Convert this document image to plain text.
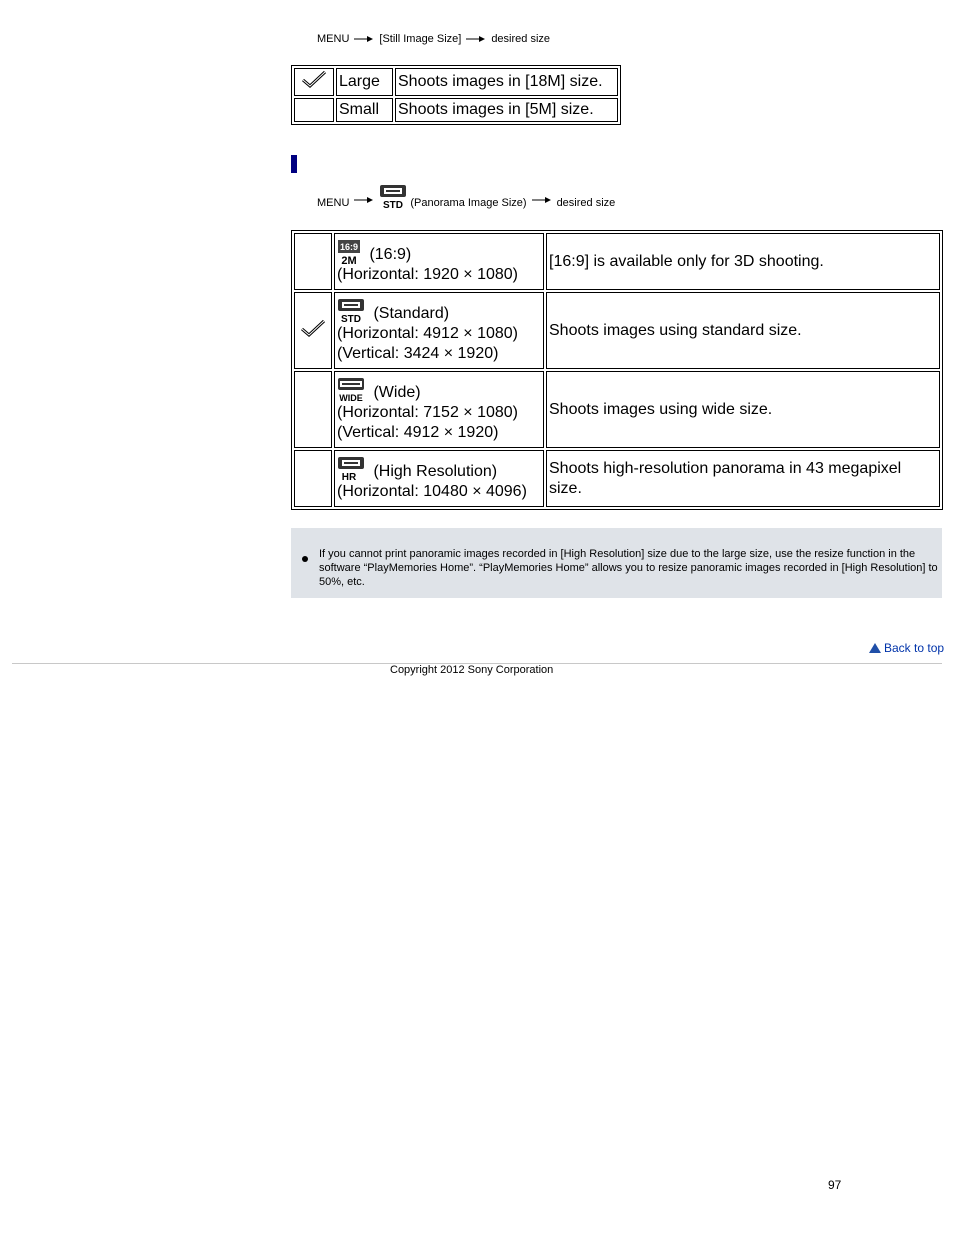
MENU	[Still Image Size]	desired size
	Large	Shoots images in [18M] size.
	Small	Shoots images in [5M] size.
MENU	STD (Panorama Image Size)	desired size

16:9
2M (16:9)
(Horizontal: 1920 × 1080)	[16:9] is available only for 3D shooting.

STD (Standard)
(Horizontal: 4912 × 1080)
(Vertical: 3424 × 1920)	Shoots images using standard size.

WIDE (Wide)
(Horizontal: 7152 × 1080)
(Vertical: 4912 × 1920)	Shoots images using wide size.

HR (High Resolution)
(Horizontal: 10480 × 4096)	Shoots high-resolution panorama in 43 megapixel size.
If you cannot print panoramic images recorded in [High Resolution] size due to the large size, use the resize function in the software “PlayMemories Home”. “PlayMemories Home” allows you to resize panoramic images recorded in [High Resolution] to 50%, etc.
Back to top
Copyright 2012 Sony Corporation
97
